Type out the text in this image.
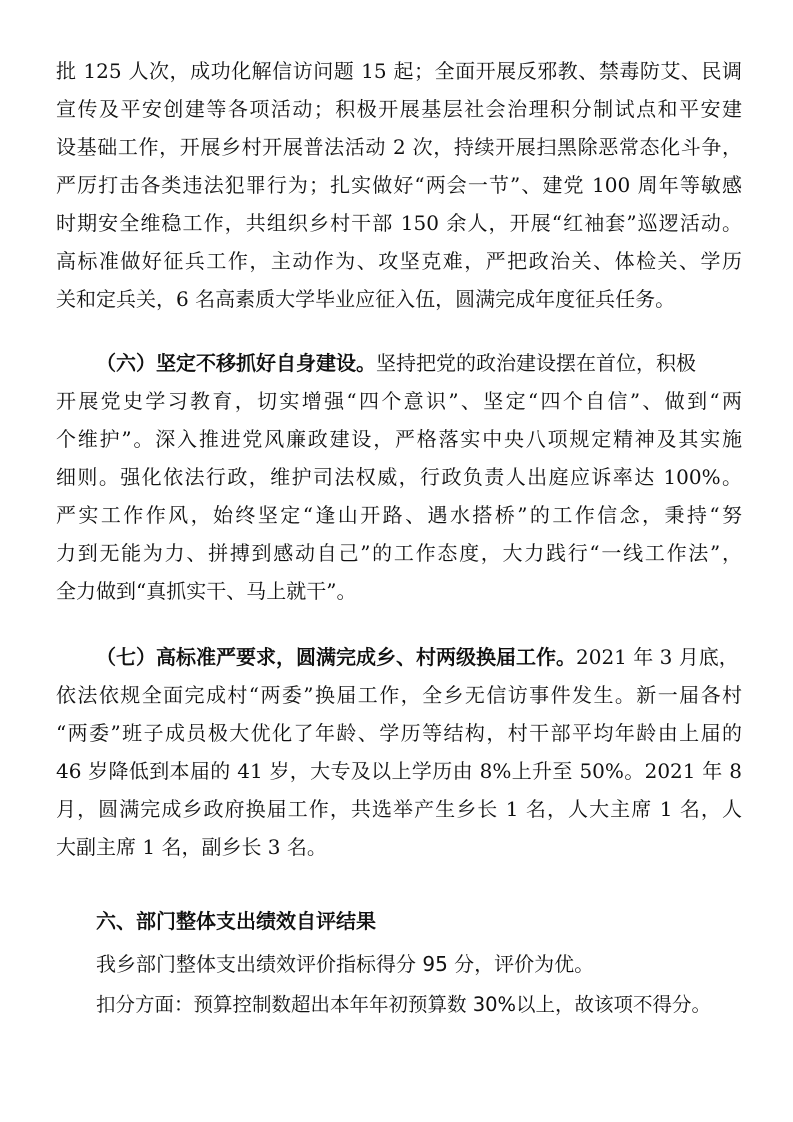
批 125 人次，成功化解信访问题 15 起；全面开展反邪教、禁毒防艾、民调
宣传及平安创建等各项活动；积极开展基层社会治理积分制试点和平安建
设基础工作，开展乡村开展普法活动 2 次，持续开展扫黑除恶常态化斗争，
严厉打击各类违法犯罪行为；扎实做好“两会一节”、建党 100 周年等敏感
时期安全维稳工作，共组织乡村干部 150 余人，开展“红袖套”巡逻活动。
高标准做好征兵工作，主动作为、攻坚克难，严把政治关、体检关、学历
关和定兵关，6 名高素质大学毕业应征入伍，圆满完成年度征兵任务。
（六）坚定不移抓好自身建设。坚持把党的政治建设摆在首位，积极
开展党史学习教育，切实增强“四个意识”、坚定“四个自信”、做到“两
个维护”。深入推进党风廉政建设，严格落实中央八项规定精神及其实施
细则。强化依法行政，维护司法权威，行政负责人出庭应诉率达 100%。
严实工作作风，始终坚定“逢山开路、遇水搭桥”的工作信念，秉持“努
力到无能为力、拼搏到感动自己”的工作态度，大力践行“一线工作法”，
全力做到“真抓实干、马上就干”。
（七）高标准严要求，圆满完成乡、村两级换届工作。2021 年 3 月底，
依法依规全面完成村“两委”换届工作，全乡无信访事件发生。新一届各村
“两委”班子成员极大优化了年龄、学历等结构，村干部平均年龄由上届的
46 岁降低到本届的 41 岁，大专及以上学历由 8%上升至 50%。2021 年 8
月，圆满完成乡政府换届工作，共选举产生乡长 1 名，人大主席 1 名，人
大副主席 1 名，副乡长 3 名。
六、部门整体支出绩效自评结果
我乡部门整体支出绩效评价指标得分 95 分，评价为优。
扣分方面：预算控制数超出本年年初预算数 30%以上，故该项不得分。
